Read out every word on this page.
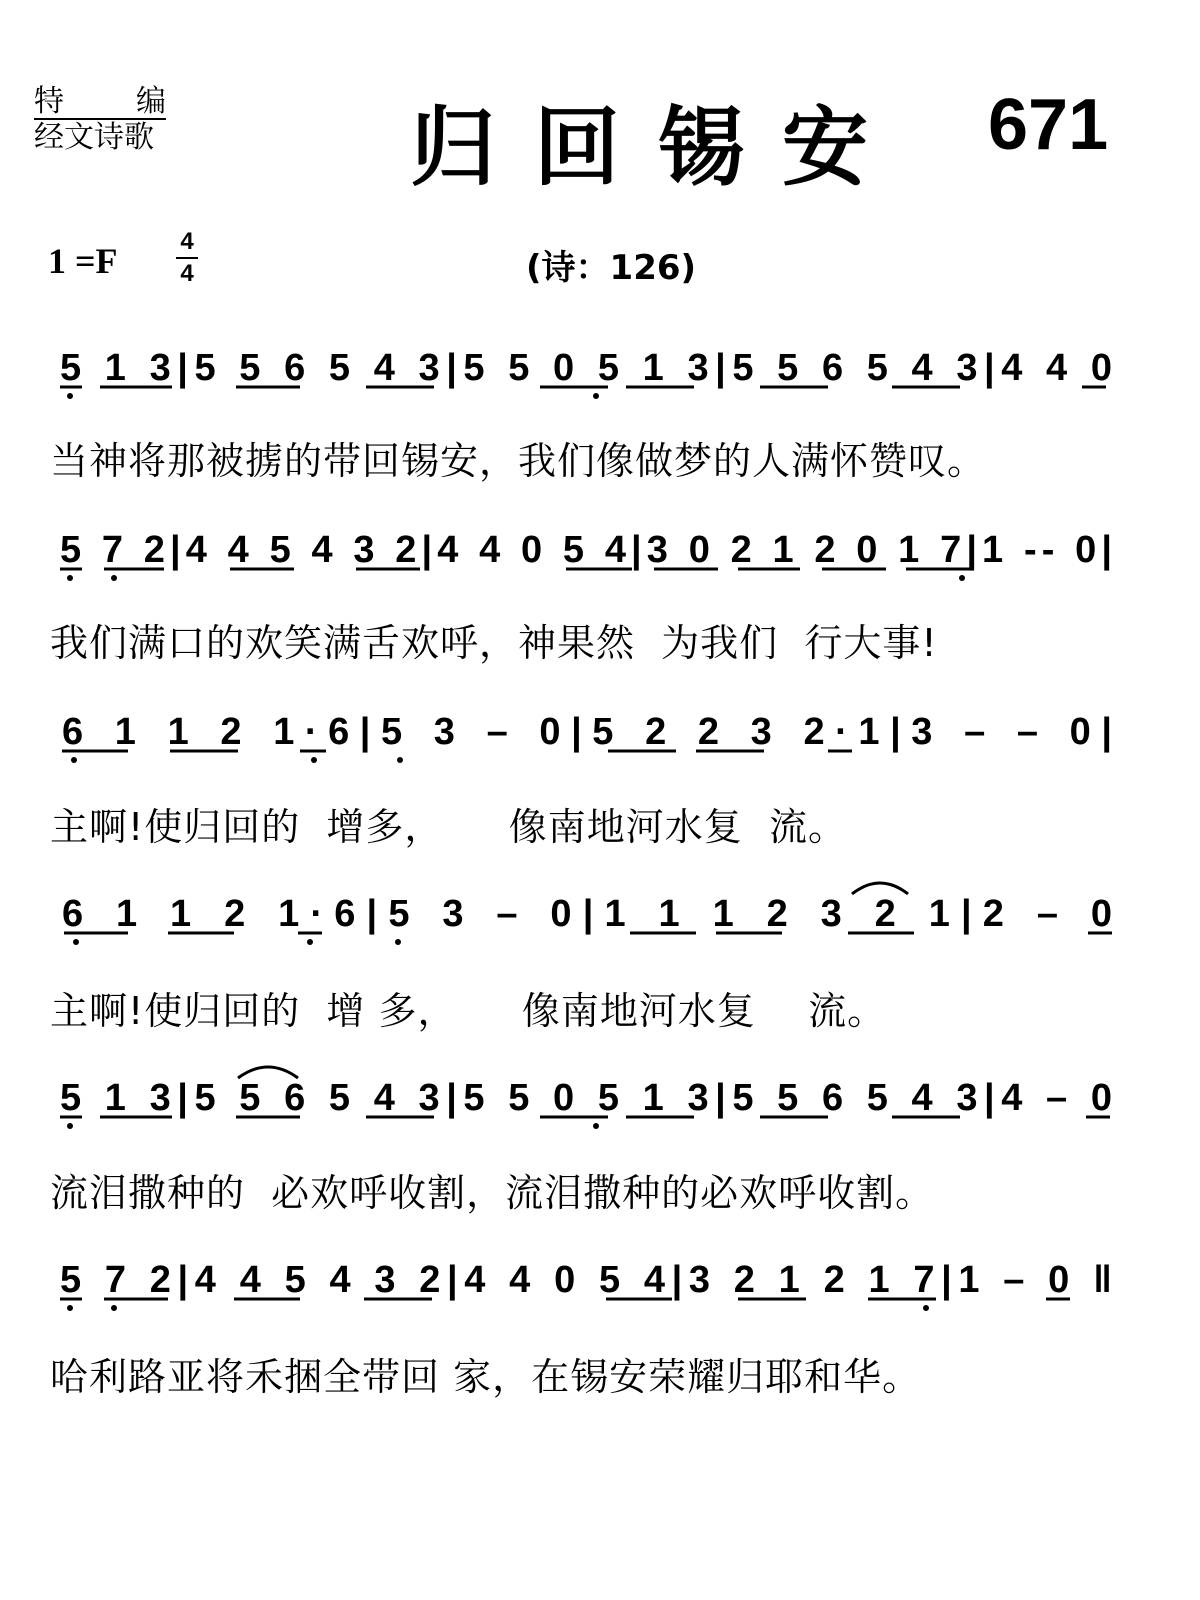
特 编
经文诗歌	归回锡安 671
1 =F	4
4	(诗：126)
5 1 3|5 5 6 5 4 3|5 5 0 5 1 3|5 5 6 5 4 3|4 4 0
当神将那被掳的带回锡安，我们像做梦的人满怀赞叹。
5 7 2|4 4 5 4 3 2|4 4 0 5 4|3 0 2 1 2 0 1 7|1 -- 0|
我们满口的欢笑满舌欢呼，神果然  为我们  行大事!
6 1 1 2 1·6|5 3 – 0|5 2 2 3 2·1|3 – – 0|
主啊!使归回的  增多，     像南地河水复  流。
6 1 1 2 1·6|5 3 – 0|1 1 1 2 3 2 1|2 – 0
主啊!使归回的  增 多，     像南地河水复    流。
5 1 3|5 5 6 5 4 3|5 5 0 5 1 3|5 5 6 5 4 3|4 – 0
流泪撒种的  必欢呼收割，流泪撒种的必欢呼收割。
5 7 2|4 4 5 4 3 2|4 4 0 5 4|3 2 1 2 1 7|1 – 0 ‖
哈利路亚将禾捆全带回 家，在锡安荣耀归耶和华。
